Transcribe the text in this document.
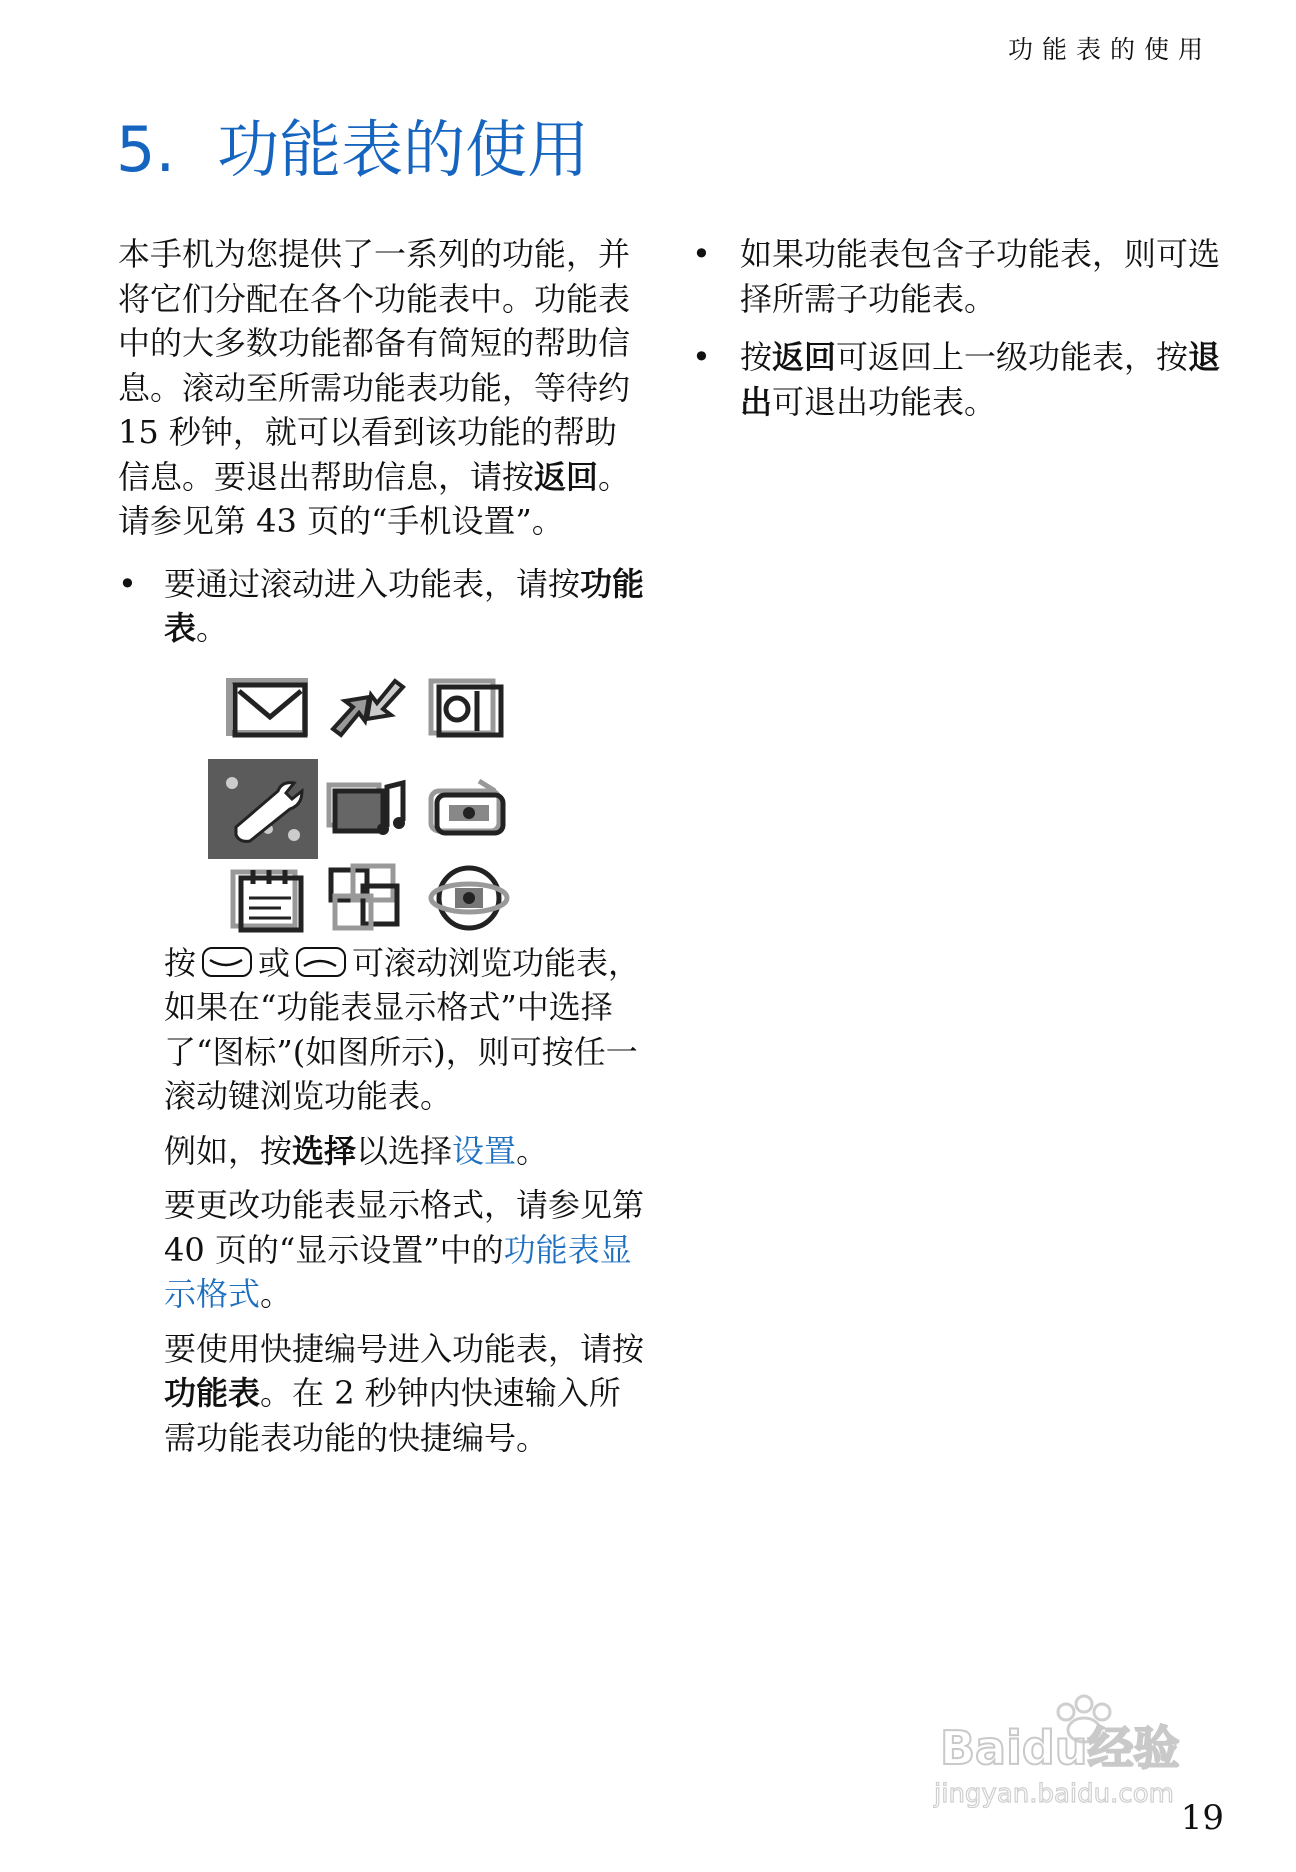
功能表的使用
5. 功能表的使用

本手机为您提供了一系列的功能，并将它们分配在各个功能表中。功能表中的大多数功能都备有简短的帮助信息。滚动至所需功能表功能，等待约 15 秒钟，就可以看到该功能的帮助信息。要退出帮助信息，请按返回。请参见第 43 页的“手机设置”。

• 要通过滚动进入功能表，请按功能表。

按 或 可滚动浏览功能表，如果在“功能表显示格式”中选择了“图标”(如图所示)，则可按任一滚动键浏览功能表。

例如，按选择以选择设置。

要更改功能表显示格式，请参见第 40 页的“显示设置”中的功能表显示格式。

要使用快捷编号进入功能表，请按功能表。在 2 秒钟内快速输入所需功能表功能的快捷编号。

• 如果功能表包含子功能表，则可选择所需子功能表。
• 按返回可返回上一级功能表，按退出可退出功能表。
Baidu经验
jingyan.baidu.com
19
